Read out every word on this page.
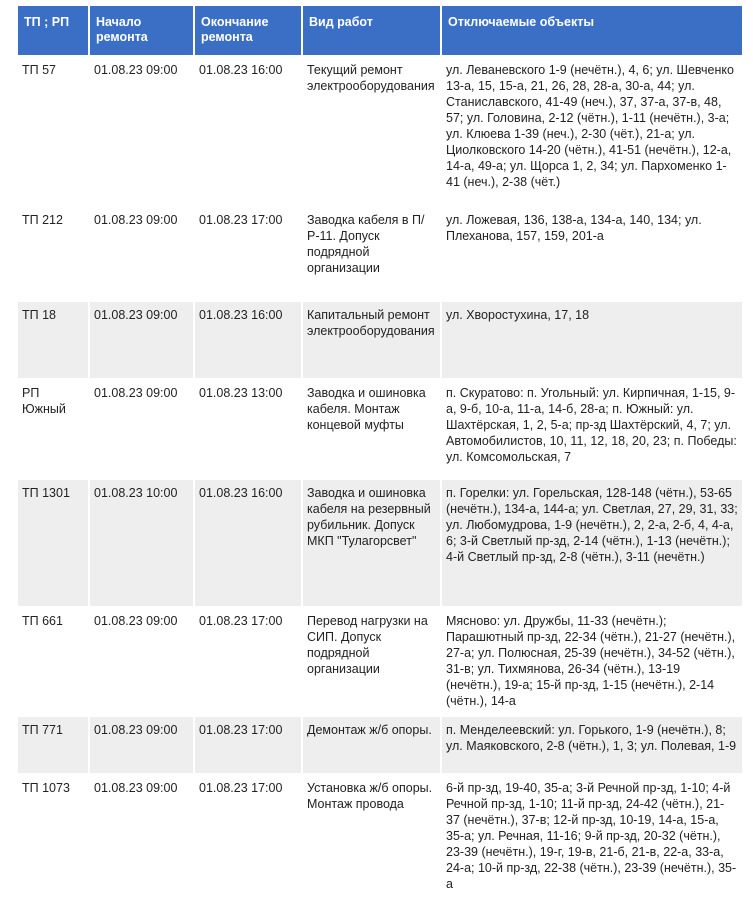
ТП ; РП	Начало ремонта	Окончание ремонта	Вид работ	Отключаемые объекты
ТП 57	01.08.23 09:00	01.08.23 16:00	Текущий ремонт электрооборудования	ул. Леваневского 1-9 (нечётн.), 4, 6; ул. Шевченко 13-а, 15, 15-а, 21, 26, 28, 28-а, 30-а, 44; ул. Станиславского, 41-49 (неч.), 37, 37-а, 37-в, 48, 57; ул. Головина, 2-12 (чётн.), 1-11 (нечётн.), 3-а; ул. Клюева 1-39 (неч.), 2-30 (чёт.), 21-а; ул. Циолковского 14-20 (чётн.), 41-51 (нечётн.), 12-а, 14-а, 49-а; ул. Щорса 1, 2, 34; ул. Пархоменко 1-41 (неч.), 2-38 (чёт.)
ТП 212	01.08.23 09:00	01.08.23 17:00	Заводка кабеля в П/Р-11. Допуск подрядной организации	ул. Ложевая, 136, 138-а, 134-а, 140, 134; ул. Плеханова, 157, 159, 201-а
ТП 18	01.08.23 09:00	01.08.23 16:00	Капитальный ремонт электрооборудования	ул. Хворостухина, 17, 18
РП Южный	01.08.23 09:00	01.08.23 13:00	Заводка и ошиновка кабеля. Монтаж концевой муфты	п. Скуратово: п. Угольный: ул. Кирпичная, 1-15, 9-а, 9-б, 10-а, 11-а, 14-б, 28-а; п. Южный: ул. Шахтёрская, 1, 2, 5-а; пр-зд Шахтёрский, 4, 7; ул. Автомобилистов, 10, 11, 12, 18, 20, 23; п. Победы: ул. Комсомольская, 7
ТП 1301	01.08.23 10:00	01.08.23 16:00	Заводка и ошиновка кабеля на резервный рубильник. Допуск МКП "Тулагорсвет"	п. Горелки: ул. Горельская, 128-148 (чётн.), 53-65 (нечётн.), 134-а, 144-а; ул. Светлая, 27, 29, 31, 33; ул. Любомудрова, 1-9 (нечётн.), 2, 2-а, 2-б, 4, 4-а, 6; 3-й Светлый пр-зд, 2-14 (чётн.), 1-13 (нечётн.); 4-й Светлый пр-зд, 2-8 (чётн.), 3-11 (нечётн.)
ТП 661	01.08.23 09:00	01.08.23 17:00	Перевод нагрузки на СИП. Допуск подрядной организации	Мясново: ул. Дружбы, 11-33 (нечётн.); Парашютный пр-зд, 22-34 (чётн.), 21-27 (нечётн.), 27-а; ул. Полюсная, 25-39 (нечётн.), 34-52 (чётн.), 31-в; ул. Тихмянова, 26-34 (чётн.), 13-19 (нечётн.), 19-а; 15-й пр-зд, 1-15 (нечётн.), 2-14 (чётн.), 14-а
ТП 771	01.08.23 09:00	01.08.23 17:00	Демонтаж ж/б опоры.	п. Менделеевский: ул. Горького, 1-9 (нечётн.), 8; ул. Маяковского, 2-8 (чётн.), 1, 3; ул. Полевая, 1-9
ТП 1073	01.08.23 09:00	01.08.23 17:00	Установка ж/б опоры. Монтаж провода	6-й пр-зд, 19-40, 35-а; 3-й Речной пр-зд, 1-10; 4-й Речной пр-зд, 1-10; 11-й пр-зд, 24-42 (чётн.), 21-37 (нечётн.), 37-в; 12-й пр-зд, 10-19, 14-а, 15-а, 35-а; ул. Речная, 11-16; 9-й пр-зд, 20-32 (чётн.), 23-39 (нечётн.), 19-г, 19-в, 21-б, 21-в, 22-а, 33-а, 24-а; 10-й пр-зд, 22-38 (чётн.), 23-39 (нечётн.), 35-а
